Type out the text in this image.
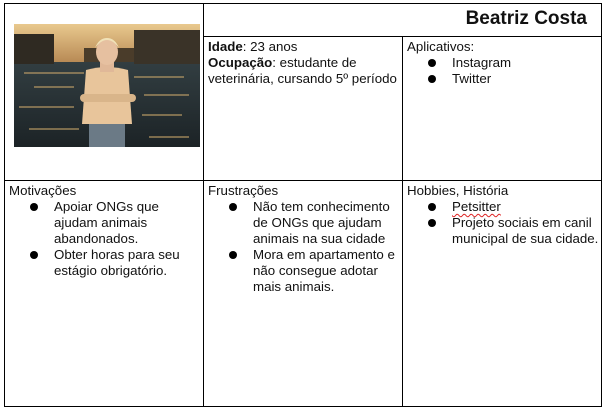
Beatriz Costa
Idade: 23 anos
Ocupação: estudante de veterinária, cursando 5º período
Aplicativos:
Instagram
Twitter
Motivações
Apoiar ONGs que ajudam animais abandonados.
Obter horas para seu estágio obrigatório.
Frustrações
Não tem conhecimento de ONGs que ajudam animais na sua cidade
Mora em apartamento e não consegue adotar mais animais.
Hobbies, História
Petsitter
Projeto sociais em canil municipal de sua cidade.
